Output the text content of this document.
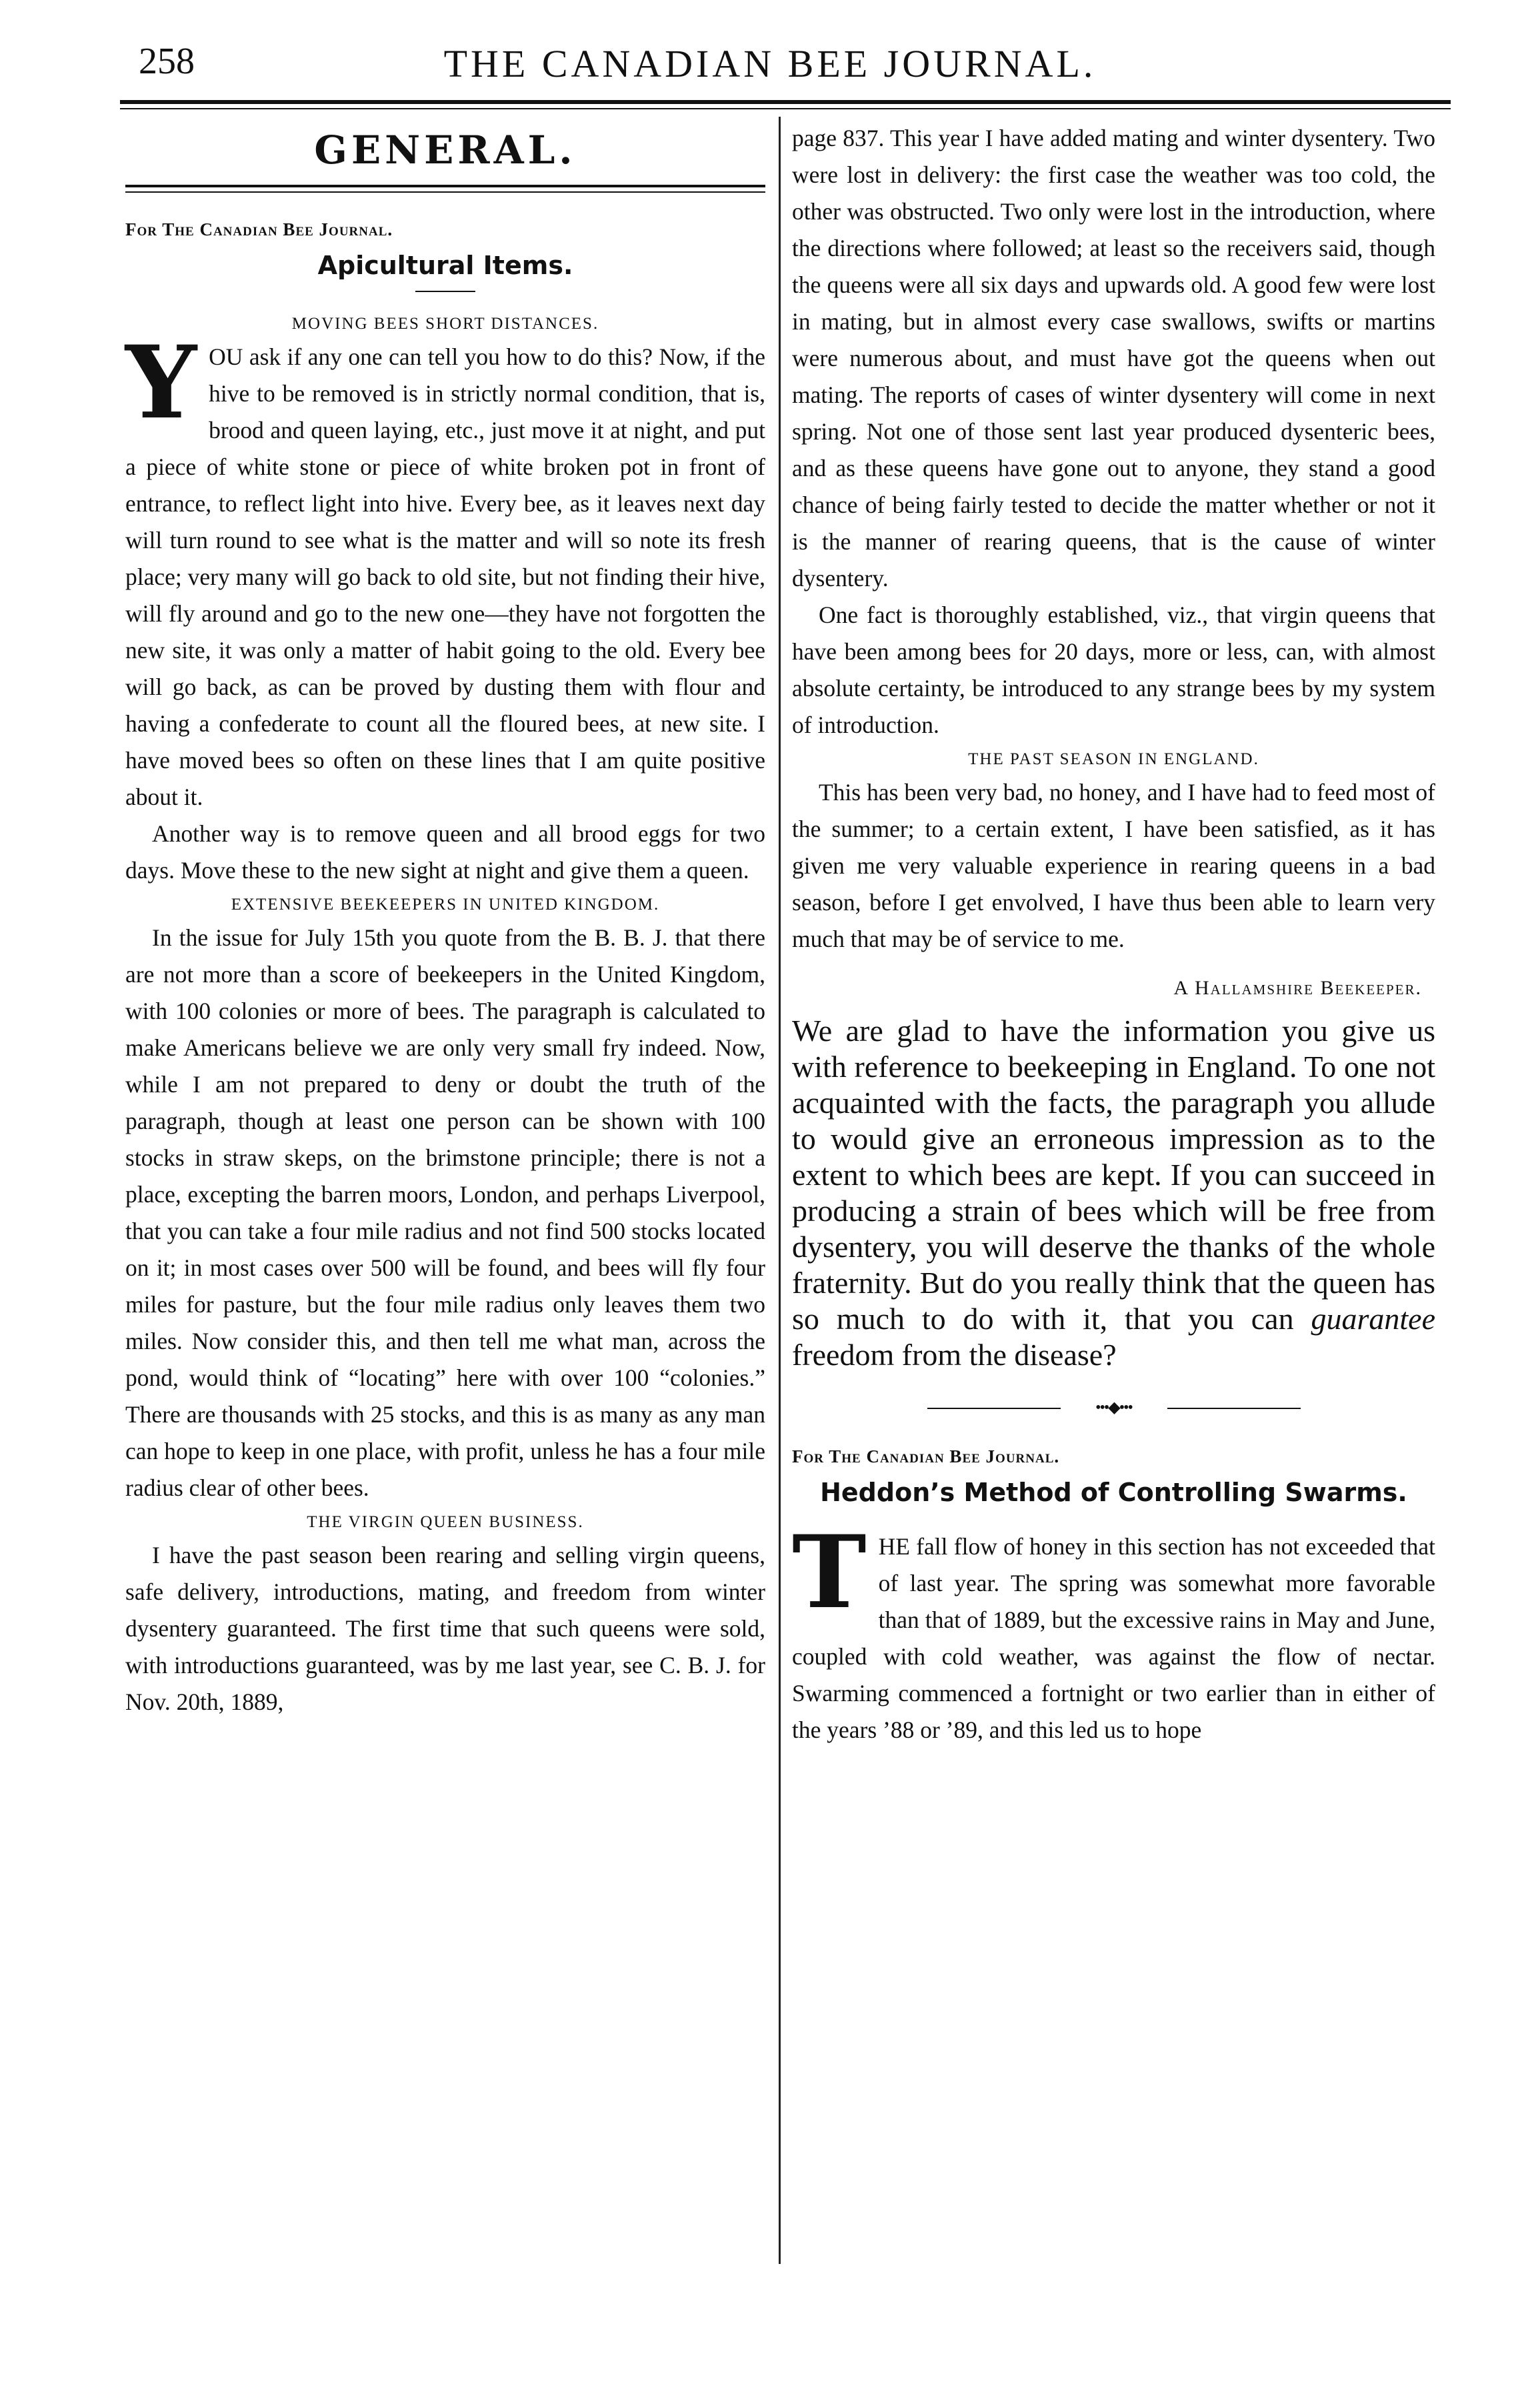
258	THE CANADIAN BEE JOURNAL.
GENERAL.
For The Canadian Bee Journal.
Apicultural Items.
MOVING BEES SHORT DISTANCES.

YOU ask if any one can tell you how to do this? Now, if the hive to be removed is in strictly normal condition, that is, brood and queen laying, etc., just move it at night, and put a piece of white stone or piece of white broken pot in front of entrance, to reflect light into hive. Every bee, as it leaves next day will turn round to see what is the matter and will so note its fresh place; very many will go back to old site, but not finding their hive, will fly around and go to the new one—they have not forgotten the new site, it was only a matter of habit going to the old. Every bee will go back, as can be proved by dusting them with flour and having a confederate to count all the floured bees, at new site. I have moved bees so often on these lines that I am quite positive about it.

Another way is to remove queen and all brood eggs for two days. Move these to the new sight at night and give them a queen.

EXTENSIVE BEEKEEPERS IN UNITED KINGDOM.

In the issue for July 15th you quote from the B. B. J. that there are not more than a score of beekeepers in the United Kingdom, with 100 colonies or more of bees. The paragraph is calculated to make Americans believe we are only very small fry indeed. Now, while I am not prepared to deny or doubt the truth of the paragraph, though at least one person can be shown with 100 stocks in straw skeps, on the brimstone principle; there is not a place, excepting the barren moors, London, and perhaps Liverpool, that you can take a four mile radius and not find 500 stocks located on it; in most cases over 500 will be found, and bees will fly four miles for pasture, but the four mile radius only leaves them two miles. Now consider this, and then tell me what man, across the pond, would think of “locating” here with over 100 “colonies.” There are thousands with 25 stocks, and this is as many as any man can hope to keep in one place, with profit, unless he has a four mile radius clear of other bees.

THE VIRGIN QUEEN BUSINESS.

I have the past season been rearing and selling virgin queens, safe delivery, introductions, mating, and freedom from winter dysentery guaranteed. The first time that such queens were sold, with introductions guaranteed, was by me last year, see C. B. J. for Nov. 20th, 1889,

page 837. This year I have added mating and winter dysentery. Two were lost in delivery: the first case the weather was too cold, the other was obstructed. Two only were lost in the introduction, where the directions where followed; at least so the receivers said, though the queens were all six days and upwards old. A good few were lost in mating, but in almost every case swallows, swifts or martins were numerous about, and must have got the queens when out mating. The reports of cases of winter dysentery will come in next spring. Not one of those sent last year produced dysenteric bees, and as these queens have gone out to anyone, they stand a good chance of being fairly tested to decide the matter whether or not it is the manner of rearing queens, that is the cause of winter dysentery.

One fact is thoroughly established, viz., that virgin queens that have been among bees for 20 days, more or less, can, with almost absolute certainty, be introduced to any strange bees by my system of introduction.

THE PAST SEASON IN ENGLAND.

This has been very bad, no honey, and I have had to feed most of the summer; to a certain extent, I have been satisfied, as it has given me very valuable experience in rearing queens in a bad season, before I get envolved, I have thus been able to learn very much that may be of service to me.

A Hallamshire Beekeeper.
We are glad to have the information you give us with reference to beekeeping in England. To one not acquainted with the facts, the paragraph you allude to would give an erroneous impression as to the extent to which bees are kept. If you can succeed in producing a strain of bees which will be free from dysentery, you will deserve the thanks of the whole fraternity. But do you really think that the queen has so much to do with it, that you can guarantee freedom from the disease?
•••◆•••
For The Canadian Bee Journal.
Heddon’s Method of Controlling Swarms.

THE fall flow of honey in this section has not exceeded that of last year. The spring was somewhat more favorable than that of 1889, but the excessive rains in May and June, coupled with cold weather, was against the flow of nectar. Swarming commenced a fortnight or two earlier than in either of the years ’88 or ’89, and this led us to hope
